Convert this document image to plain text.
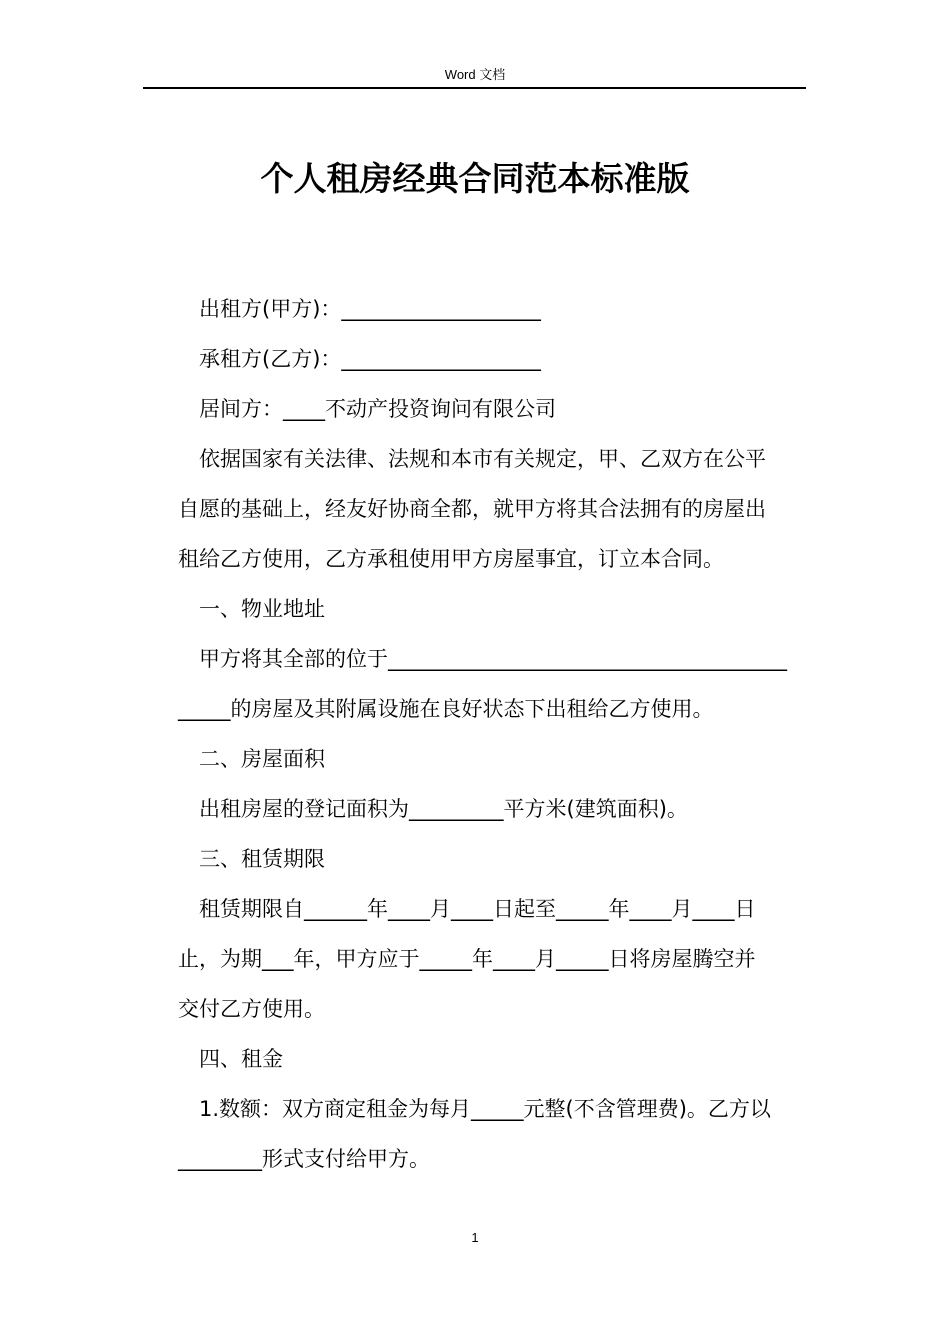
Word 文档
个人租房经典合同范本标准版

出租方(甲方)：___________________

承租方(乙方)：___________________

居间方：____不动产投资询问有限公司

依据国家有关法律、法规和本市有关规定，甲、乙双方在公平
自愿的基础上，经友好协商全都，就甲方将其合法拥有的房屋出
租给乙方使用，乙方承租使用甲方房屋事宜，订立本合同。

一、物业地址

甲方将其全部的位于______________________________________
_____的房屋及其附属设施在良好状态下出租给乙方使用。

二、房屋面积

出租房屋的登记面积为_________平方米(建筑面积)。

三、租赁期限

租赁期限自______年____月____日起至_____年____月____日
止，为期___年，甲方应于_____年____月_____日将房屋腾空并
交付乙方使用。

四、租金

1.数额：双方商定租金为每月_____元整(不含管理费)。乙方以
________形式支付给甲方。

1
